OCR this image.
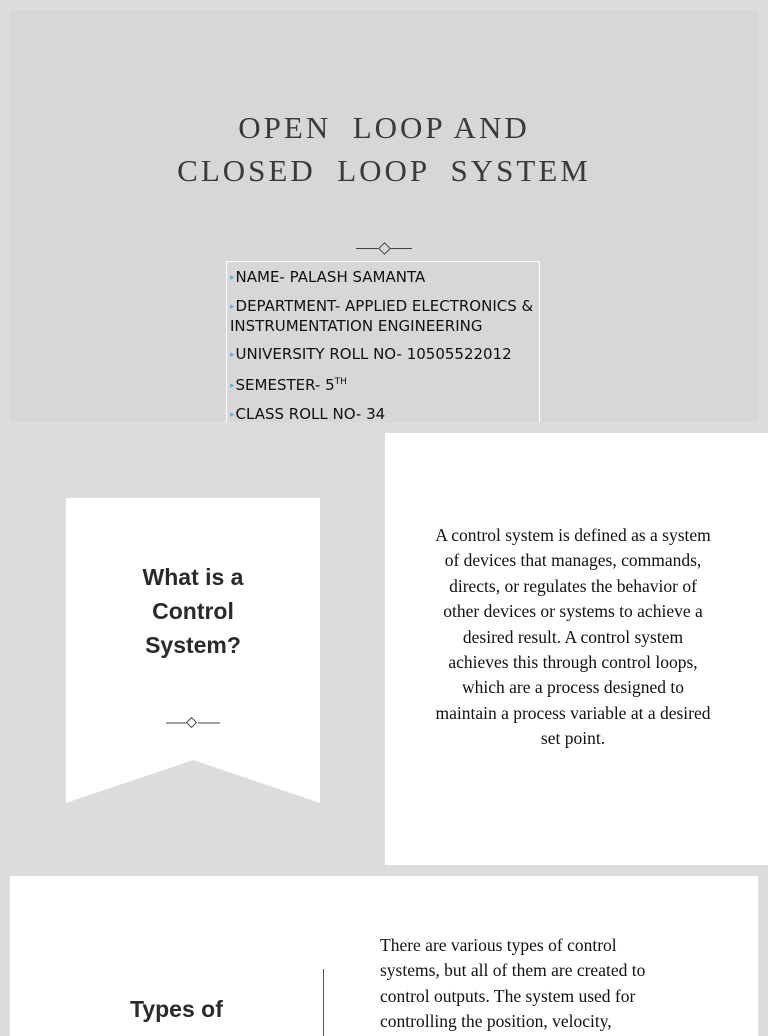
OPEN  LOOP AND
CLOSED  LOOP  SYSTEM
▸NAME- PALASH SAMANTA
▸DEPARTMENT- APPLIED ELECTRONICS & INSTRUMENTATION ENGINEERING
▸UNIVERSITY ROLL NO- 10505522012
▸SEMESTER- 5TH
▸CLASS ROLL NO- 34
What is a
Control
System?

A control system is defined as a system of devices that manages, commands, directs, or regulates the behavior of other devices or systems to achieve a desired result. A control system achieves this through control loops, which are a process designed to maintain a process variable at a desired set point.

Types of

There are various types of control systems, but all of them are created to control outputs. The system used for controlling the position, velocity,
